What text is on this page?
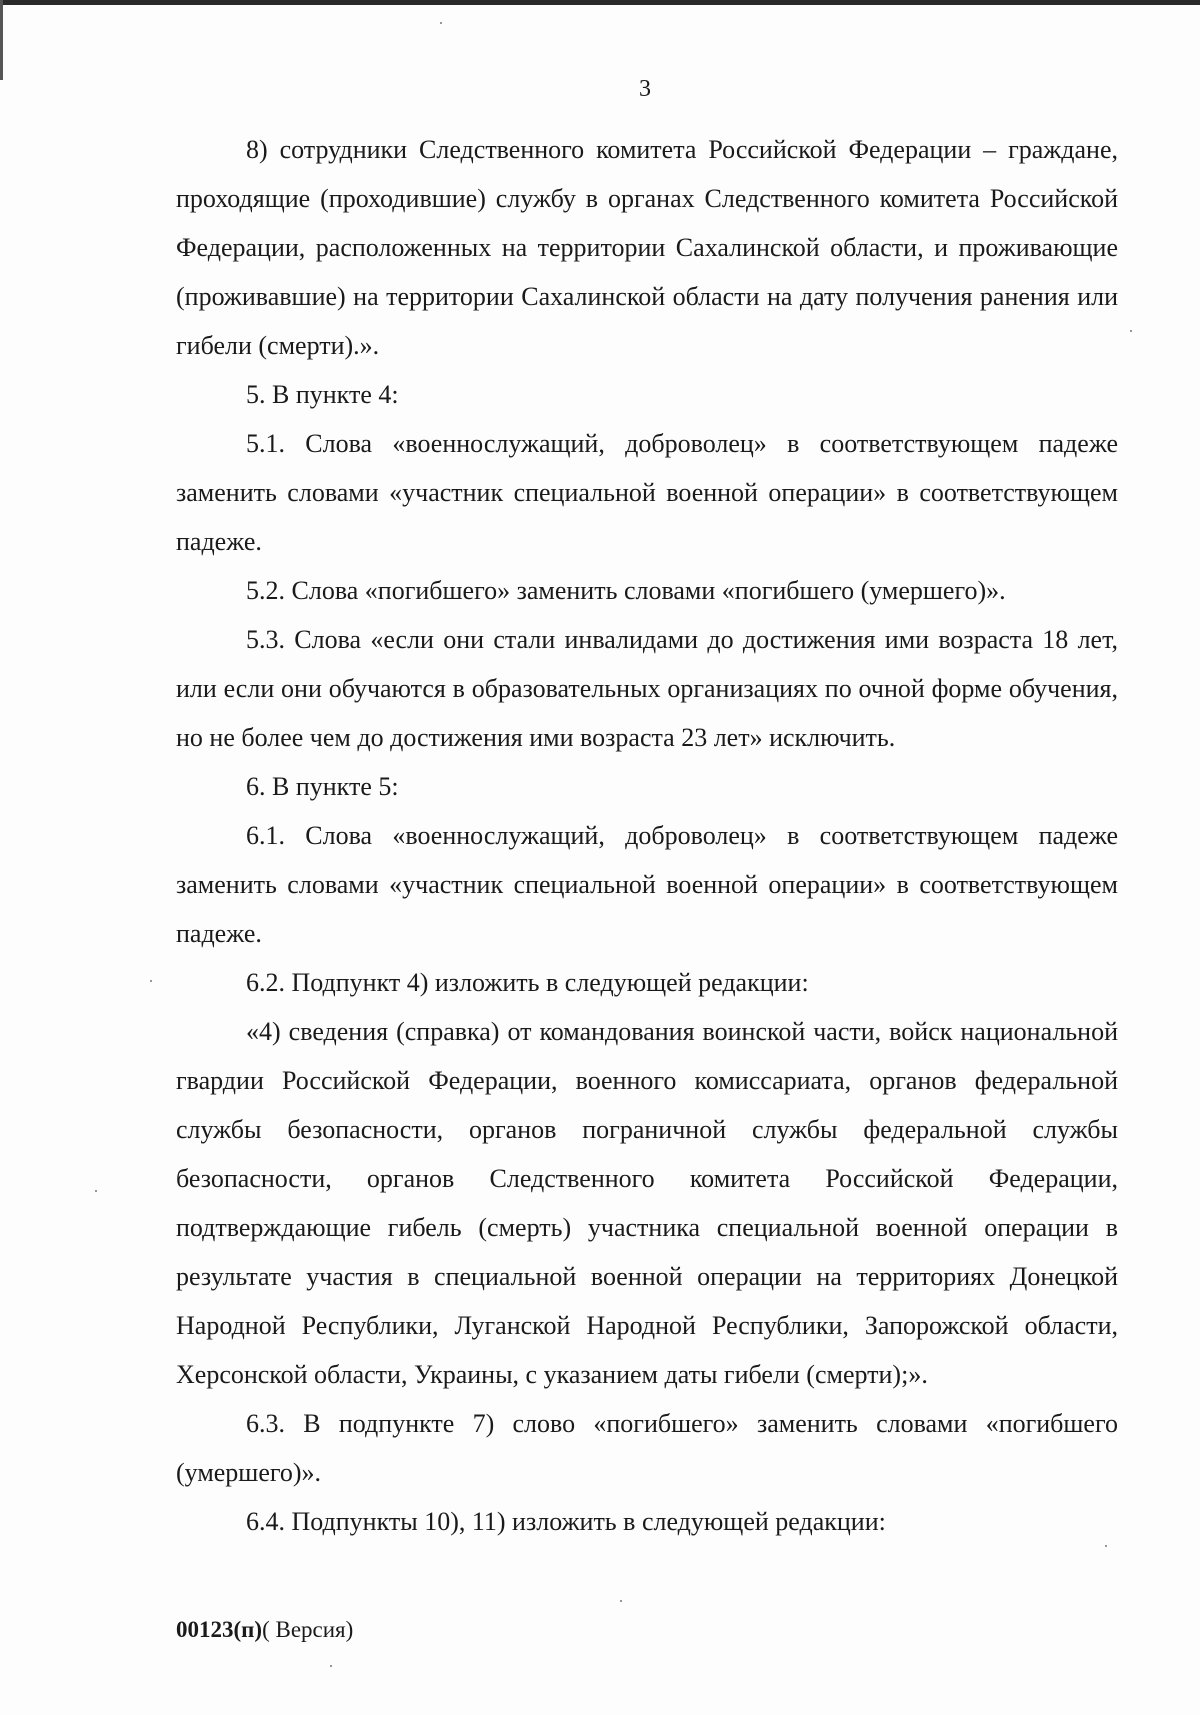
3

8) сотрудники Следственного комитета Российской Федерации – граждане, проходящие (проходившие) службу в органах Следственного комитета Российской Федерации, расположенных на территории Сахалинской области, и проживающие (проживавшие) на территории Сахалинской области на дату получения ранения или гибели (смерти).».

5. В пункте 4:

5.1. Слова «военнослужащий, доброволец» в соответствующем падеже заменить словами «участник специальной военной операции» в соответствующем падеже.

5.2. Слова «погибшего» заменить словами «погибшего (умершего)».

5.3. Слова «если они стали инвалидами до достижения ими возраста 18 лет, или если они обучаются в образовательных организациях по очной форме обучения, но не более чем до достижения ими возраста 23 лет» исключить.

6. В пункте 5:

6.1. Слова «военнослужащий, доброволец» в соответствующем падеже заменить словами «участник специальной военной операции» в соответствующем падеже.

6.2. Подпункт 4) изложить в следующей редакции:

«4) сведения (справка) от командования воинской части, войск национальной гвардии Российской Федерации, военного комиссариата, органов федеральной службы безопасности, органов пограничной службы федеральной службы безопасности, органов Следственного комитета Российской Федерации, подтверждающие гибель (смерть) участника специальной военной операции в результате участия в специальной военной операции на территориях Донецкой Народной Республики, Луганской Народной Республики, Запорожской области, Херсонской области, Украины, с указанием даты гибели (смерти);».

6.3. В подпункте 7) слово «погибшего» заменить словами «погибшего (умершего)».

6.4. Подпункты 10), 11) изложить в следующей редакции:

00123(п)( Версия)
